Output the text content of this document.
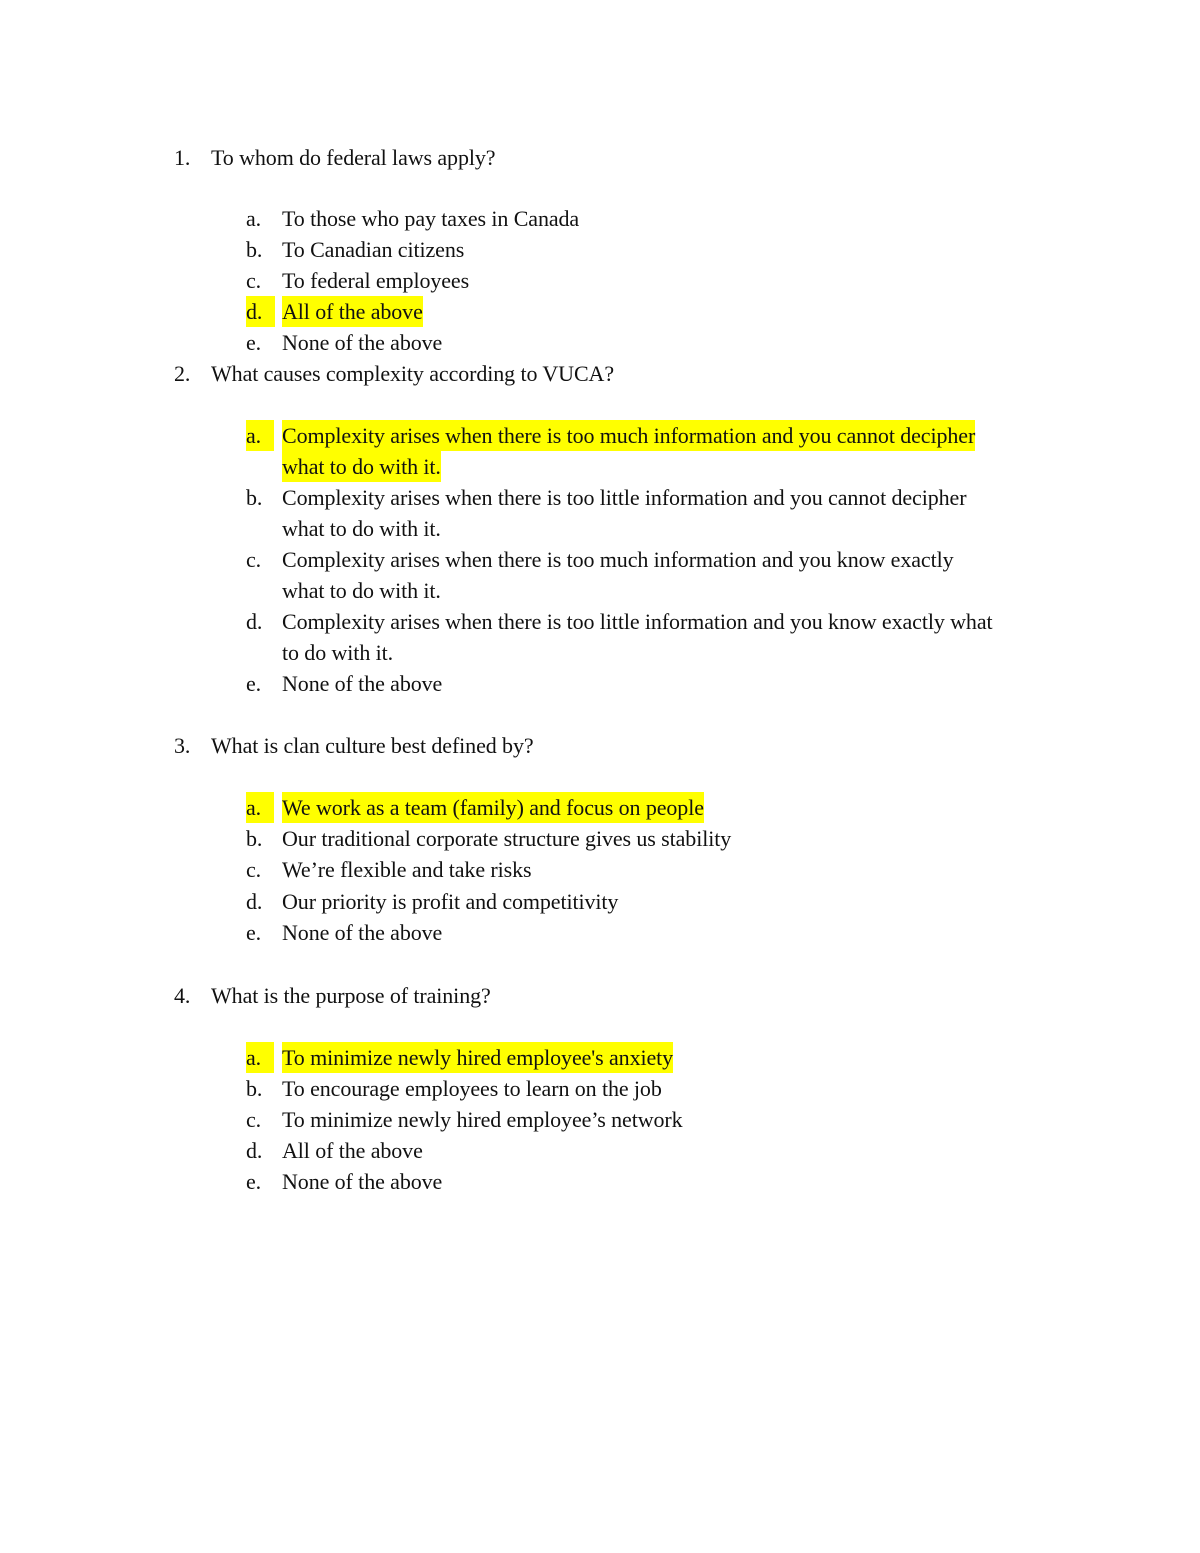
1. To whom do federal laws apply?
a. To those who pay taxes in Canada
b. To Canadian citizens
c. To federal employees
d. All of the above
e. None of the above
2. What causes complexity according to VUCA?
a. Complexity arises when there is too much information and you cannot decipher
what to do with it.
b. Complexity arises when there is too little information and you cannot decipher
what to do with it.
c. Complexity arises when there is too much information and you know exactly
what to do with it.
d. Complexity arises when there is too little information and you know exactly what
to do with it.
e. None of the above
3. What is clan culture best defined by?
a. We work as a team (family) and focus on people
b. Our traditional corporate structure gives us stability
c. We’re flexible and take risks
d. Our priority is profit and competitivity
e. None of the above
4. What is the purpose of training?
a. To minimize newly hired employee's anxiety
b. To encourage employees to learn on the job
c. To minimize newly hired employee’s network
d. All of the above
e. None of the above
